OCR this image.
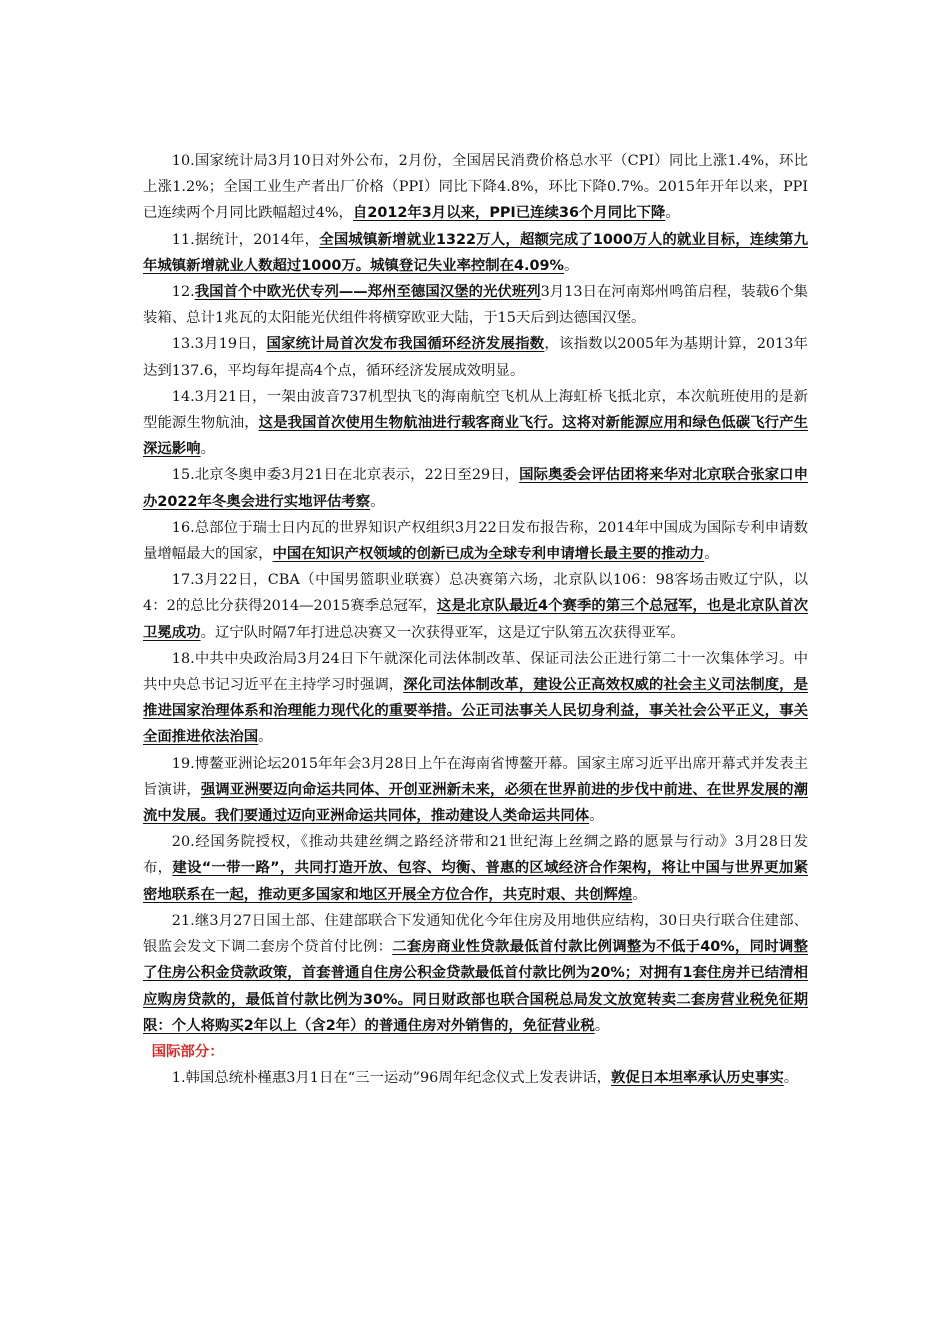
10.国家统计局3月10日对外公布，2月份，全国居民消费价格总水平（CPI）同比上涨1.4%，环比上涨1.2%；全国工业生产者出厂价格（PPI）同比下降4.8%，环比下降0.7%。2015年开年以来，PPI已连续两个月同比跌幅超过4%，自2012年3月以来，PPI已连续36个月同比下降。

11.据统计，2014年，全国城镇新增就业1322万人，超额完成了1000万人的就业目标，连续第九年城镇新增就业人数超过1000万。城镇登记失业率控制在4.09%。

12.我国首个中欧光伏专列——郑州至德国汉堡的光伏班列3月13日在河南郑州鸣笛启程，装载6个集装箱、总计1兆瓦的太阳能光伏组件将横穿欧亚大陆，于15天后到达德国汉堡。

13.3月19日，国家统计局首次发布我国循环经济发展指数，该指数以2005年为基期计算，2013年达到137.6，平均每年提高4个点，循环经济发展成效明显。

14.3月21日，一架由波音737机型执飞的海南航空飞机从上海虹桥飞抵北京，本次航班使用的是新型能源生物航油，这是我国首次使用生物航油进行载客商业飞行。这将对新能源应用和绿色低碳飞行产生深远影响。

15.北京冬奥申委3月21日在北京表示，22日至29日，国际奥委会评估团将来华对北京联合张家口申办2022年冬奥会进行实地评估考察。

16.总部位于瑞士日内瓦的世界知识产权组织3月22日发布报告称，2014年中国成为国际专利申请数量增幅最大的国家，中国在知识产权领域的创新已成为全球专利申请增长最主要的推动力。

17.3月22日，CBA（中国男篮职业联赛）总决赛第六场，北京队以106：98客场击败辽宁队，以4：2的总比分获得2014—2015赛季总冠军，这是北京队最近4个赛季的第三个总冠军，也是北京队首次卫冕成功。辽宁队时隔7年打进总决赛又一次获得亚军，这是辽宁队第五次获得亚军。

18.中共中央政治局3月24日下午就深化司法体制改革、保证司法公正进行第二十一次集体学习。中共中央总书记习近平在主持学习时强调，深化司法体制改革，建设公正高效权威的社会主义司法制度，是推进国家治理体系和治理能力现代化的重要举措。公正司法事关人民切身利益，事关社会公平正义，事关全面推进依法治国。

19.博鳌亚洲论坛2015年年会3月28日上午在海南省博鳌开幕。国家主席习近平出席开幕式并发表主旨演讲，强调亚洲要迈向命运共同体、开创亚洲新未来，必须在世界前进的步伐中前进、在世界发展的潮流中发展。我们要通过迈向亚洲命运共同体，推动建设人类命运共同体。

20.经国务院授权，《推动共建丝绸之路经济带和21世纪海上丝绸之路的愿景与行动》3月28日发布，建设“一带一路”，共同打造开放、包容、均衡、普惠的区域经济合作架构，将让中国与世界更加紧密地联系在一起，推动更多国家和地区开展全方位合作，共克时艰、共创辉煌。

21.继3月27日国土部、住建部联合下发通知优化今年住房及用地供应结构，30日央行联合住建部、银监会发文下调二套房个贷首付比例：二套房商业性贷款最低首付款比例调整为不低于40%，同时调整了住房公积金贷款政策，首套普通自住房公积金贷款最低首付款比例为20%；对拥有1套住房并已结清相应购房贷款的，最低首付款比例为30%。同日财政部也联合国税总局发文放宽转卖二套房营业税免征期限：个人将购买2年以上（含2年）的普通住房对外销售的，免征营业税。

国际部分：

1.韩国总统朴槿惠3月1日在“三一运动”96周年纪念仪式上发表讲话，敦促日本坦率承认历史事实。
